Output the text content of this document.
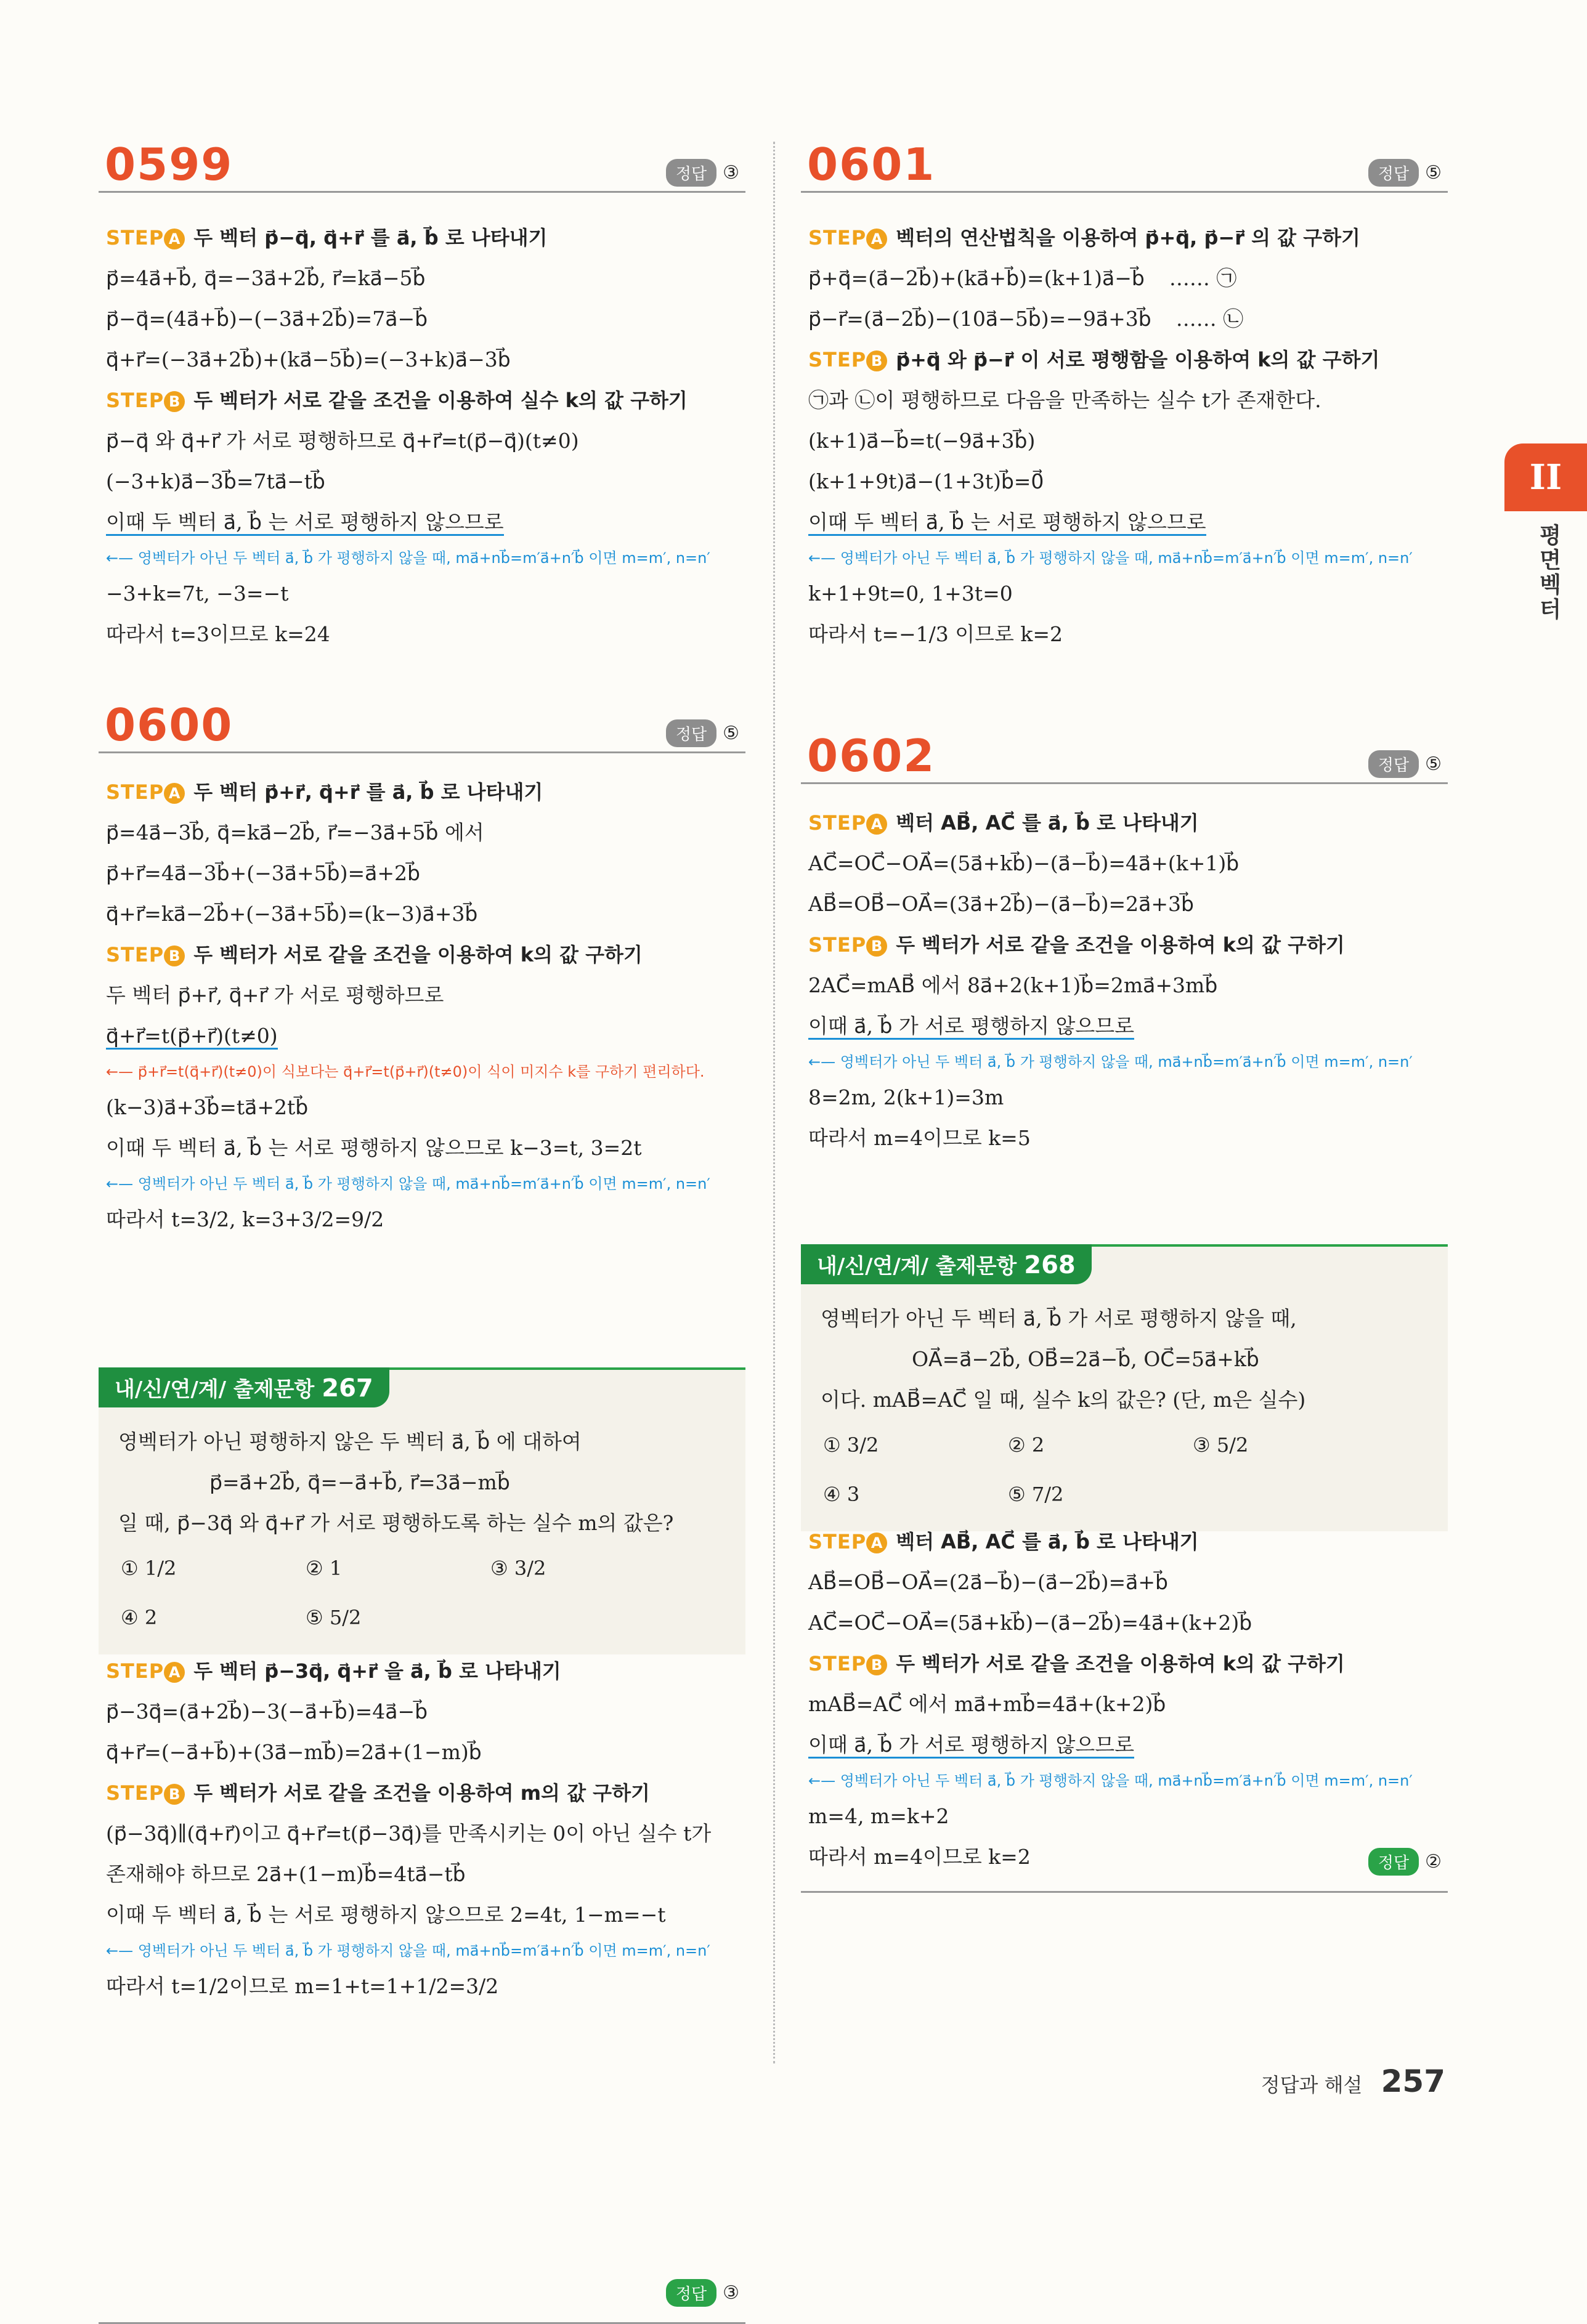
0599	정답 ③
STEP A 두 벡터 p⃗−q⃗, q⃗+r⃗ 를 a⃗, b⃗ 로 나타내기
p⃗=4a⃗+b⃗, q⃗=−3a⃗+2b⃗, r⃗=ka⃗−5b⃗
p⃗−q⃗=(4a⃗+b⃗)−(−3a⃗+2b⃗)=7a⃗−b⃗
q⃗+r⃗=(−3a⃗+2b⃗)+(ka⃗−5b⃗)=(−3+k)a⃗−3b⃗
STEP B 두 벡터가 서로 같을 조건을 이용하여 실수 k의 값 구하기
p⃗−q⃗ 와 q⃗+r⃗ 가 서로 평행하므로 q⃗+r⃗=t(p⃗−q⃗)(t≠0)
(−3+k)a⃗−3b⃗=7ta⃗−tb⃗
이때 두 벡터 a⃗, b⃗ 는 서로 평행하지 않으므로
←— 영벡터가 아닌 두 벡터 a⃗, b⃗ 가 평행하지 않을 때, ma⃗+nb⃗=m′a⃗+n′b⃗ 이면 m=m′, n=n′
−3+k=7t, −3=−t
따라서 t=3이므로 k=24
0600	정답 ⑤
STEP A 두 벡터 p⃗+r⃗, q⃗+r⃗ 를 a⃗, b⃗ 로 나타내기
p⃗=4a⃗−3b⃗, q⃗=ka⃗−2b⃗, r⃗=−3a⃗+5b⃗ 에서
p⃗+r⃗=4a⃗−3b⃗+(−3a⃗+5b⃗)=a⃗+2b⃗
q⃗+r⃗=ka⃗−2b⃗+(−3a⃗+5b⃗)=(k−3)a⃗+3b⃗
STEP B 두 벡터가 서로 같을 조건을 이용하여 k의 값 구하기
두 벡터 p⃗+r⃗, q⃗+r⃗ 가 서로 평행하므로
q⃗+r⃗=t(p⃗+r⃗)(t≠0)
←— p⃗+r⃗=t(q⃗+r⃗)(t≠0)이 식보다는 q⃗+r⃗=t(p⃗+r⃗)(t≠0)이 식이 미지수 k를 구하기 편리하다.
(k−3)a⃗+3b⃗=ta⃗+2tb⃗
이때 두 벡터 a⃗, b⃗ 는 서로 평행하지 않으므로 k−3=t, 3=2t
←— 영벡터가 아닌 두 벡터 a⃗, b⃗ 가 평행하지 않을 때, ma⃗+nb⃗=m′a⃗+n′b⃗ 이면 m=m′, n=n′
따라서 t=3/2, k=3+3/2=9/2
내/신/연/계/ 출제문항 267
영벡터가 아닌 평행하지 않은 두 벡터 a⃗, b⃗ 에 대하여
p⃗=a⃗+2b⃗, q⃗=−a⃗+b⃗, r⃗=3a⃗−mb⃗
일 때, p⃗−3q⃗ 와 q⃗+r⃗ 가 서로 평행하도록 하는 실수 m의 값은?
① 1/2	② 1	③ 3/2
④ 2	⑤ 5/2
STEP A 두 벡터 p⃗−3q⃗, q⃗+r⃗ 을 a⃗, b⃗ 로 나타내기
p⃗−3q⃗=(a⃗+2b⃗)−3(−a⃗+b⃗)=4a⃗−b⃗
q⃗+r⃗=(−a⃗+b⃗)+(3a⃗−mb⃗)=2a⃗+(1−m)b⃗
STEP B 두 벡터가 서로 같을 조건을 이용하여 m의 값 구하기
(p⃗−3q⃗)∥(q⃗+r⃗)이고 q⃗+r⃗=t(p⃗−3q⃗)를 만족시키는 0이 아닌 실수 t가
존재해야 하므로 2a⃗+(1−m)b⃗=4ta⃗−tb⃗
이때 두 벡터 a⃗, b⃗ 는 서로 평행하지 않으므로 2=4t, 1−m=−t
←— 영벡터가 아닌 두 벡터 a⃗, b⃗ 가 평행하지 않을 때, ma⃗+nb⃗=m′a⃗+n′b⃗ 이면 m=m′, n=n′
따라서 t=1/2이므로 m=1+t=1+1/2=3/2
정답 ③
0601	정답 ⑤
STEP A 벡터의 연산법칙을 이용하여 p⃗+q⃗, p⃗−r⃗ 의 값 구하기
p⃗+q⃗=(a⃗−2b⃗)+(ka⃗+b⃗)=(k+1)a⃗−b⃗ …… ㉠
p⃗−r⃗=(a⃗−2b⃗)−(10a⃗−5b⃗)=−9a⃗+3b⃗ …… ㉡
STEP B p⃗+q⃗ 와 p⃗−r⃗ 이 서로 평행함을 이용하여 k의 값 구하기
㉠과 ㉡이 평행하므로 다음을 만족하는 실수 t가 존재한다.
(k+1)a⃗−b⃗=t(−9a⃗+3b⃗)
(k+1+9t)a⃗−(1+3t)b⃗=0⃗
이때 두 벡터 a⃗, b⃗ 는 서로 평행하지 않으므로
←— 영벡터가 아닌 두 벡터 a⃗, b⃗ 가 평행하지 않을 때, ma⃗+nb⃗=m′a⃗+n′b⃗ 이면 m=m′, n=n′
k+1+9t=0, 1+3t=0
따라서 t=−1/3 이므로 k=2
0602	정답 ⑤
STEP A 벡터 AB⃗, AC⃗ 를 a⃗, b⃗ 로 나타내기
AC⃗=OC⃗−OA⃗=(5a⃗+kb⃗)−(a⃗−b⃗)=4a⃗+(k+1)b⃗
AB⃗=OB⃗−OA⃗=(3a⃗+2b⃗)−(a⃗−b⃗)=2a⃗+3b⃗
STEP B 두 벡터가 서로 같을 조건을 이용하여 k의 값 구하기
2AC⃗=mAB⃗ 에서 8a⃗+2(k+1)b⃗=2ma⃗+3mb⃗
이때 a⃗, b⃗ 가 서로 평행하지 않으므로
←— 영벡터가 아닌 두 벡터 a⃗, b⃗ 가 평행하지 않을 때, ma⃗+nb⃗=m′a⃗+n′b⃗ 이면 m=m′, n=n′
8=2m, 2(k+1)=3m
따라서 m=4이므로 k=5
내/신/연/계/ 출제문항 268
영벡터가 아닌 두 벡터 a⃗, b⃗ 가 서로 평행하지 않을 때,
OA⃗=a⃗−2b⃗, OB⃗=2a⃗−b⃗, OC⃗=5a⃗+kb⃗
이다. mAB⃗=AC⃗ 일 때, 실수 k의 값은? (단, m은 실수)
① 3/2	② 2	③ 5/2
④ 3	⑤ 7/2
STEP A 벡터 AB⃗, AC⃗ 를 a⃗, b⃗ 로 나타내기
AB⃗=OB⃗−OA⃗=(2a⃗−b⃗)−(a⃗−2b⃗)=a⃗+b⃗
AC⃗=OC⃗−OA⃗=(5a⃗+kb⃗)−(a⃗−2b⃗)=4a⃗+(k+2)b⃗
STEP B 두 벡터가 서로 같을 조건을 이용하여 k의 값 구하기
mAB⃗=AC⃗ 에서 ma⃗+mb⃗=4a⃗+(k+2)b⃗
이때 a⃗, b⃗ 가 서로 평행하지 않으므로
←— 영벡터가 아닌 두 벡터 a⃗, b⃗ 가 평행하지 않을 때, ma⃗+nb⃗=m′a⃗+n′b⃗ 이면 m=m′, n=n′
m=4, m=k+2
따라서 m=4이므로 k=2	정답 ②
II
평면벡터
정답과 해설 257
